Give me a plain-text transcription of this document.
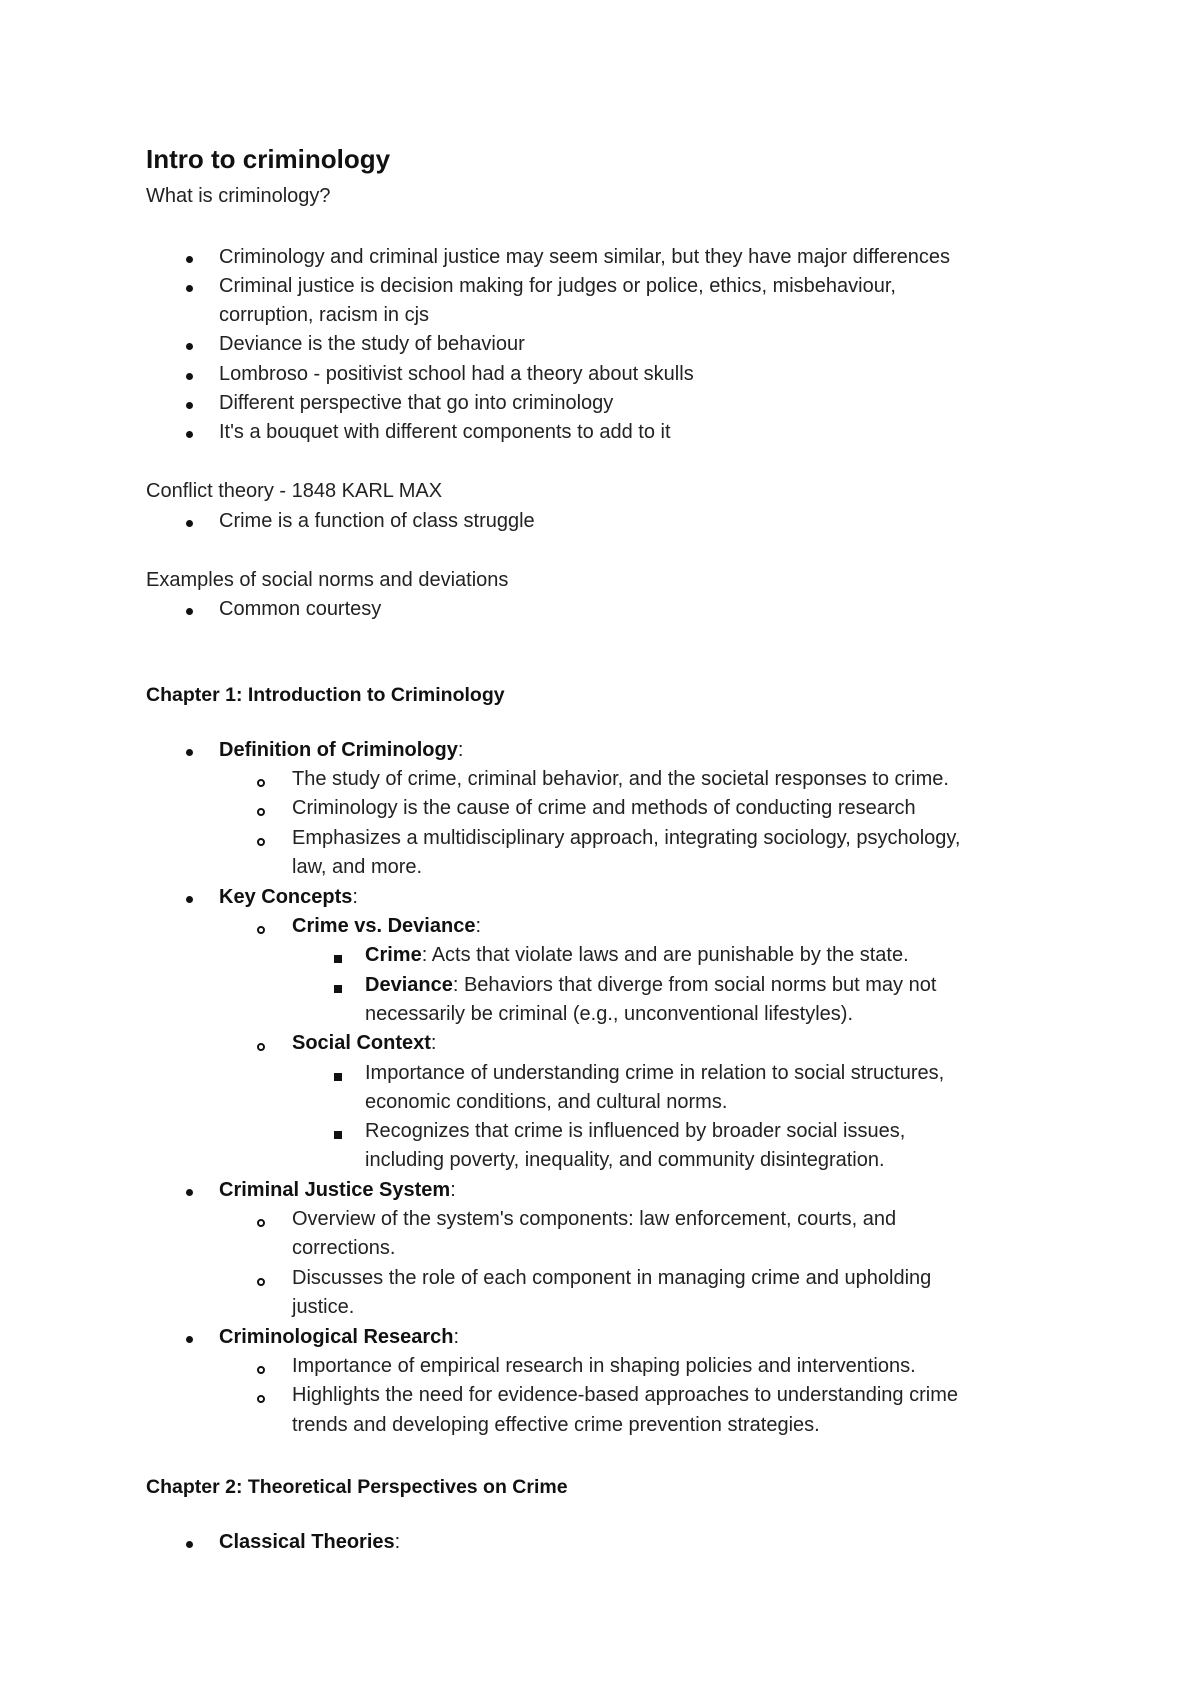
Intro to criminology
What is criminology?
Criminology and criminal justice may seem similar, but they have major differences
Criminal justice is decision making for judges or police, ethics, misbehaviour,
corruption, racism in cjs
Deviance is the study of behaviour
Lombroso - positivist school had a theory about skulls
Different perspective that go into criminology
It's a bouquet with different components to add to it
Conflict theory - 1848 KARL MAX
Crime is a function of class struggle
Examples of social norms and deviations
Common courtesy
Chapter 1: Introduction to Criminology
Definition of Criminology:
The study of crime, criminal behavior, and the societal responses to crime.
Criminology is the cause of crime and methods of conducting research
Emphasizes a multidisciplinary approach, integrating sociology, psychology,
law, and more.
Key Concepts:
Crime vs. Deviance:
Crime: Acts that violate laws and are punishable by the state.
Deviance: Behaviors that diverge from social norms but may not
necessarily be criminal (e.g., unconventional lifestyles).
Social Context:
Importance of understanding crime in relation to social structures,
economic conditions, and cultural norms.
Recognizes that crime is influenced by broader social issues,
including poverty, inequality, and community disintegration.
Criminal Justice System:
Overview of the system's components: law enforcement, courts, and
corrections.
Discusses the role of each component in managing crime and upholding
justice.
Criminological Research:
Importance of empirical research in shaping policies and interventions.
Highlights the need for evidence-based approaches to understanding crime
trends and developing effective crime prevention strategies.
Chapter 2: Theoretical Perspectives on Crime
Classical Theories:
